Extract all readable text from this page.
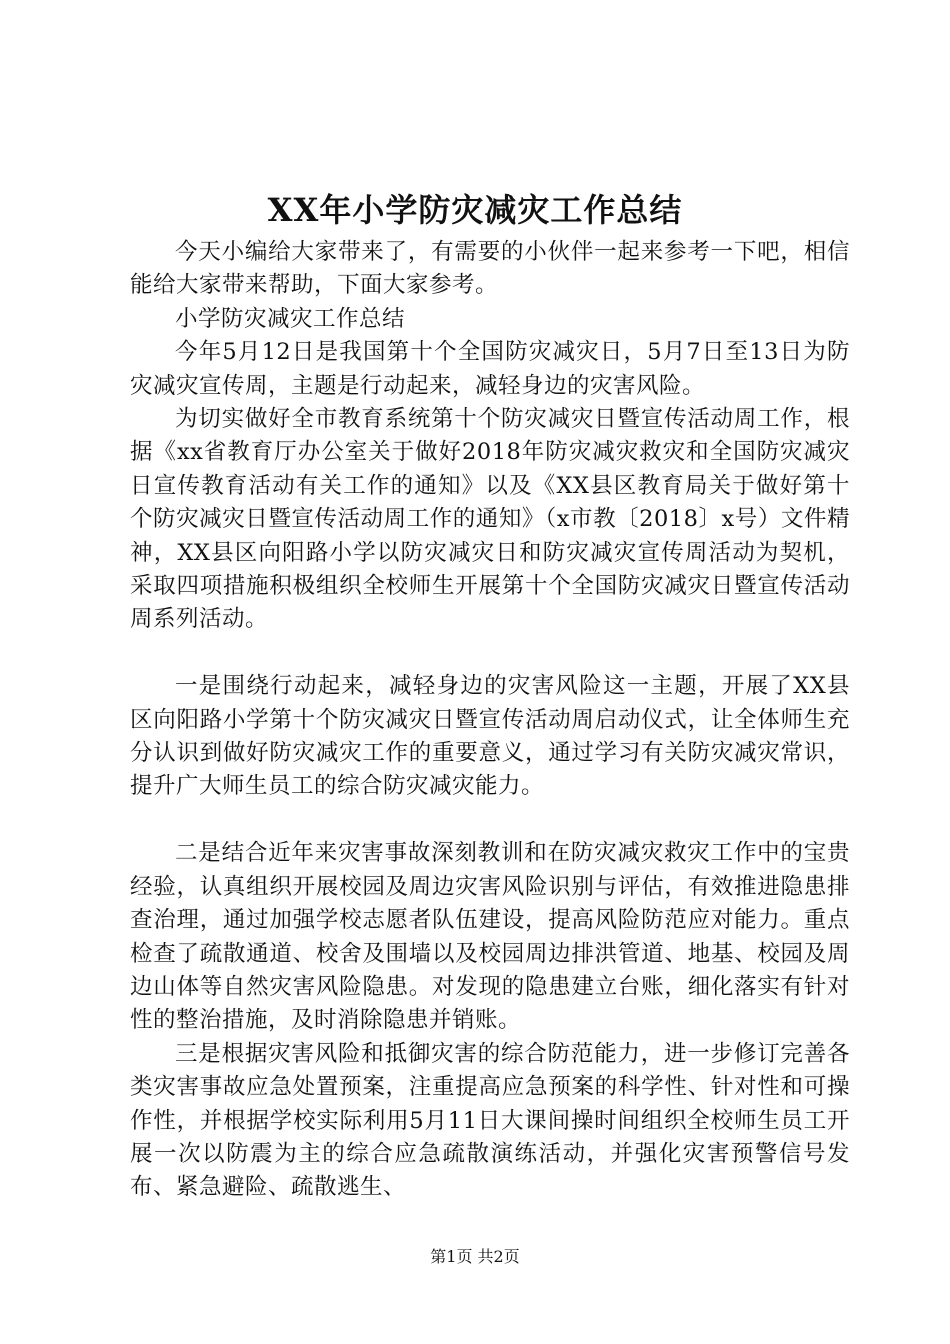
XX年小学防灾减灾工作总结

今天小编给大家带来了，有需要的小伙伴一起来参考一下吧，相信能给大家带来帮助，下面大家参考。

小学防灾减灾工作总结

今年5月12日是我国第十个全国防灾减灾日，5月7日至13日为防灾减灾宣传周，主题是行动起来，减轻身边的灾害风险。

为切实做好全市教育系统第十个防灾减灾日暨宣传活动周工作，根据《xx省教育厅办公室关于做好2018年防灾减灾救灾和全国防灾减灾日宣传教育活动有关工作的通知》以及《XX县区教育局关于做好第十个防灾减灾日暨宣传活动周工作的通知》（x市教〔2018〕x号）文件精神，XX县区向阳路小学以防灾减灾日和防灾减灾宣传周活动为契机，采取四项措施积极组织全校师生开展第十个全国防灾减灾日暨宣传活动周系列活动。

一是围绕行动起来，减轻身边的灾害风险这一主题，开展了XX县区向阳路小学第十个防灾减灾日暨宣传活动周启动仪式，让全体师生充分认识到做好防灾减灾工作的重要意义，通过学习有关防灾减灾常识，提升广大师生员工的综合防灾减灾能力。

二是结合近年来灾害事故深刻教训和在防灾减灾救灾工作中的宝贵经验，认真组织开展校园及周边灾害风险识别与评估，有效推进隐患排查治理，通过加强学校志愿者队伍建设，提高风险防范应对能力。重点检查了疏散通道、校舍及围墙以及校园周边排洪管道、地基、校园及周边山体等自然灾害风险隐患。对发现的隐患建立台账，细化落实有针对性的整治措施，及时消除隐患并销账。

三是根据灾害风险和抵御灾害的综合防范能力，进一步修订完善各类灾害事故应急处置预案，注重提高应急预案的科学性、针对性和可操作性，并根据学校实际利用5月11日大课间操时间组织全校师生员工开展一次以防震为主的综合应急疏散演练活动，并强化灾害预警信号发布、紧急避险、疏散逃生、

第1页 共2页
